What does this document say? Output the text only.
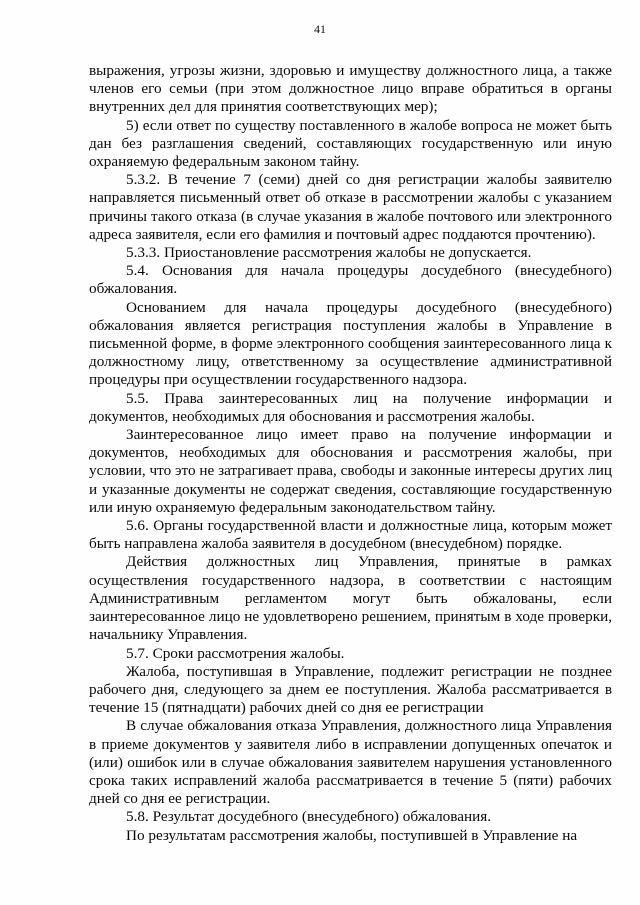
41

выражения, угрозы жизни, здоровью и имуществу должностного лица, а также членов его семьи (при этом должностное лицо вправе обратиться в органы внутренних дел для принятия соответствующих мер);

5) если ответ по существу поставленного в жалобе вопроса не может быть дан без разглашения сведений, составляющих государственную или иную охраняемую федеральным законом тайну.

5.3.2. В течение 7 (семи) дней со дня регистрации жалобы заявителю направляется письменный ответ об отказе в рассмотрении жалобы с указанием причины такого отказа (в случае указания в жалобе почтового или электронного адреса заявителя, если его фамилия и почтовый адрес поддаются прочтению).

5.3.3. Приостановление рассмотрения жалобы не допускается.

5.4. Основания для начала процедуры досудебного (внесудебного) обжалования.

Основанием для начала процедуры досудебного (внесудебного) обжалования является регистрация поступления жалобы в Управление в письменной форме, в форме электронного сообщения заинтересованного лица к должностному лицу, ответственному за осуществление административной процедуры при осуществлении государственного надзора.

5.5. Права заинтересованных лиц на получение информации и документов, необходимых для обоснования и рассмотрения жалобы.

Заинтересованное лицо имеет право на получение информации и документов, необходимых для обоснования и рассмотрения жалобы, при условии, что это не затрагивает права, свободы и законные интересы других лиц и указанные документы не содержат сведения, составляющие государственную или иную охраняемую федеральным законодательством тайну.

5.6. Органы государственной власти и должностные лица, которым может быть направлена жалоба заявителя в досудебном (внесудебном) порядке.

Действия должностных лиц Управления, принятые в рамках осуществления государственного надзора, в соответствии с настоящим Административным регламентом могут быть обжалованы, если заинтересованное лицо не удовлетворено решением, принятым в ходе проверки, начальнику Управления.

5.7. Сроки рассмотрения жалобы.

Жалоба, поступившая в Управление, подлежит регистрации не позднее рабочего дня, следующего за днем ее поступления. Жалоба рассматривается в течение 15 (пятнадцати) рабочих дней со дня ее регистрации

В случае обжалования отказа Управления, должностного лица Управления в приеме документов у заявителя либо в исправлении допущенных опечаток и (или) ошибок или в случае обжалования заявителем нарушения установленного срока таких исправлений жалоба рассматривается в течение 5 (пяти) рабочих дней со дня ее регистрации.

5.8. Результат досудебного (внесудебного) обжалования.

По результатам рассмотрения жалобы, поступившей в Управление на
